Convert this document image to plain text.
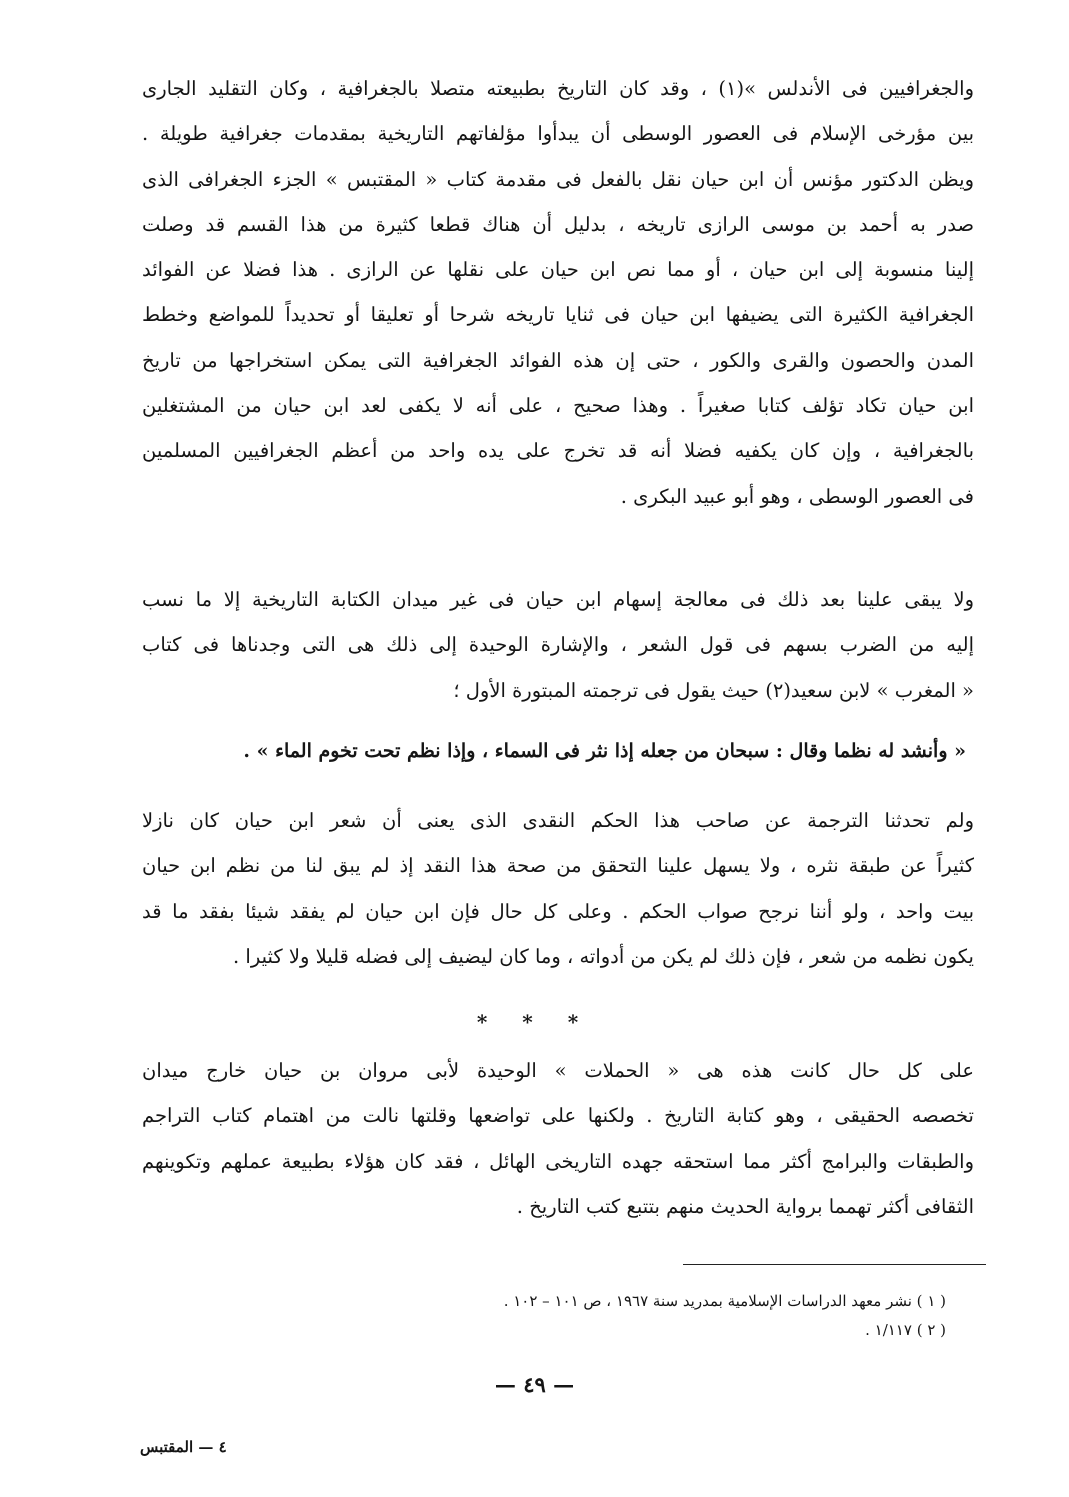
والجغرافيين فى الأندلس »(١) ، وقد كان التاريخ بطبيعته متصلا بالجغرافية ، وكان التقليد الجارى
بين مؤرخى الإسلام فى العصور الوسطى أن يبدأوا مؤلفاتهم التاريخية بمقدمات جغرافية طويلة .
ويظن الدكتور مؤنس أن ابن حيان نقل بالفعل فى مقدمة كتاب « المقتبس » الجزء الجغرافى الذى
صدر به أحمد بن موسى الرازى تاريخه ، بدليل أن هناك قطعا كثيرة من هذا القسم قد وصلت
إلينا منسوبة إلى ابن حيان ، أو مما نص ابن حيان على نقلها عن الرازى . هذا فضلا عن الفوائد
الجغرافية الكثيرة التى يضيفها ابن حيان فى ثنايا تاريخه شرحا أو تعليقا أو تحديداً للمواضع وخطط
المدن والحصون والقرى والكور ، حتى إن هذه الفوائد الجغرافية التى يمكن استخراجها من تاريخ
ابن حيان تكاد تؤلف كتابا صغيراً . وهذا صحيح ، على أنه لا يكفى لعد ابن حيان من المشتغلين
بالجغرافية ، وإن كان يكفيه فضلا أنه قد تخرج على يده واحد من أعظم الجغرافيين المسلمين
فى العصور الوسطى ، وهو أبو عبيد البكرى .
ولا يبقى علينا بعد ذلك فى معالجة إسهام ابن حيان فى غير ميدان الكتابة التاريخية إلا ما نسب
إليه من الضرب بسهم فى قول الشعر ، والإشارة الوحيدة إلى ذلك هى التى وجدناها فى كتاب
« المغرب » لابن سعيد(٢) حيث يقول فى ترجمته المبتورة الأول ؛
« وأنشد له نظما وقال : سبحان من جعله إذا نثر فى السماء ، وإذا نظم تحت تخوم الماء » .
ولم تحدثنا الترجمة عن صاحب هذا الحكم النقدى الذى يعنى أن شعر ابن حيان كان نازلا
كثيراً عن طبقة نثره ، ولا يسهل علينا التحقق من صحة هذا النقد إذ لم يبق لنا من نظم ابن حيان
بيت واحد ، ولو أننا نرجح صواب الحكم . وعلى كل حال فإن ابن حيان لم يفقد شيئا بفقد ما قد
يكون نظمه من شعر ، فإن ذلك لم يكن من أدواته ، وما كان ليضيف إلى فضله قليلا ولا كثيرا .
* * *
على كل حال كانت هذه هى « الحملات » الوحيدة لأبى مروان بن حيان خارج ميدان
تخصصه الحقيقى ، وهو كتابة التاريخ . ولكنها على تواضعها وقلتها نالت من اهتمام كتاب التراجم
والطبقات والبرامج أكثر مما استحقه جهده التاريخى الهائل ، فقد كان هؤلاء بطبيعة عملهم وتكوينهم
الثقافى أكثر تهمما برواية الحديث منهم بتتبع كتب التاريخ .
( ١ ) نشر معهد الدراسات الإسلامية بمدريد سنة ١٩٦٧ ، ص ١٠١ – ١٠٢ .
( ٢ ) ١/١١٧ .
— ٤٩ —
٤ — المقتبس
